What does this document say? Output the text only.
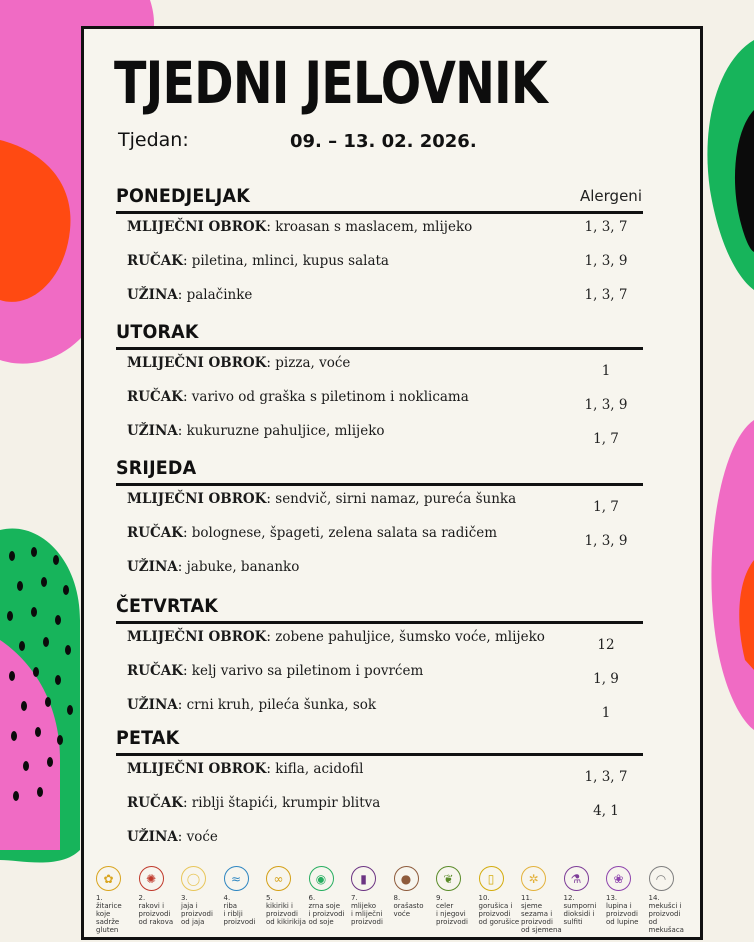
TJEDNI JELOVNIK
Tjedan:	09. – 13. 02. 2026.
Alergeni
PONEDJELJAK
MLIJEČNI OBROK: kroasan s maslacem, mlijeko	1, 3, 7
RUČAK: piletina, mlinci, kupus salata	1, 3, 9
UŽINA: palačinke	1, 3, 7
UTORAK
MLIJEČNI OBROK: pizza, voće	1
RUČAK: varivo od graška s piletinom i noklicama	1, 3, 9
UŽINA: kukuruzne pahuljice, mlijeko	1, 7
SRIJEDA
MLIJEČNI OBROK: sendvič, sirni namaz, pureća šunka	1, 7
RUČAK: bolognese, špageti, zelena salata sa radičem	1, 3, 9
UŽINA: jabuke, bananko
ČETVRTAK
MLIJEČNI OBROK: zobene pahuljice, šumsko voće, mlijeko	12
RUČAK: kelj varivo sa piletinom i povrćem	1, 9
UŽINA: crni kruh, pileća šunka, sok	1
PETAK
MLIJEČNI OBROK: kifla, acidofil	1, 3, 7
RUČAK: riblji štapići, krumpir blitva	4, 1
UŽINA: voće
✿
1.
žitarice
koje
sadrže
gluten
✺
2.
rakovi i
proizvodi
od rakova
◯
3.
jaja i
proizvodi
od jaja
≈
4.
riba
i riblji
proizvodi
∞
5.
kikiriki i
proizvodi
od kikirikija
◉
6.
zrna soje
i proizvodi
od soje
▮
7.
mlijeko
i mliječni
proizvodi
●
8.
orašasto
voće
❦
9.
celer
i njegovi
proizvodi
▯
10.
gorušica i
proizvodi
od gorušice
✲
11.
sjeme
sezama i
proizvodi
od sjemena
⚗
12.
sumporni
dioksidi i
sulfiti
❀
13.
lupina i
proizvodi
od lupine
◠
14.
mekušci i
proizvodi
od mekušaca
